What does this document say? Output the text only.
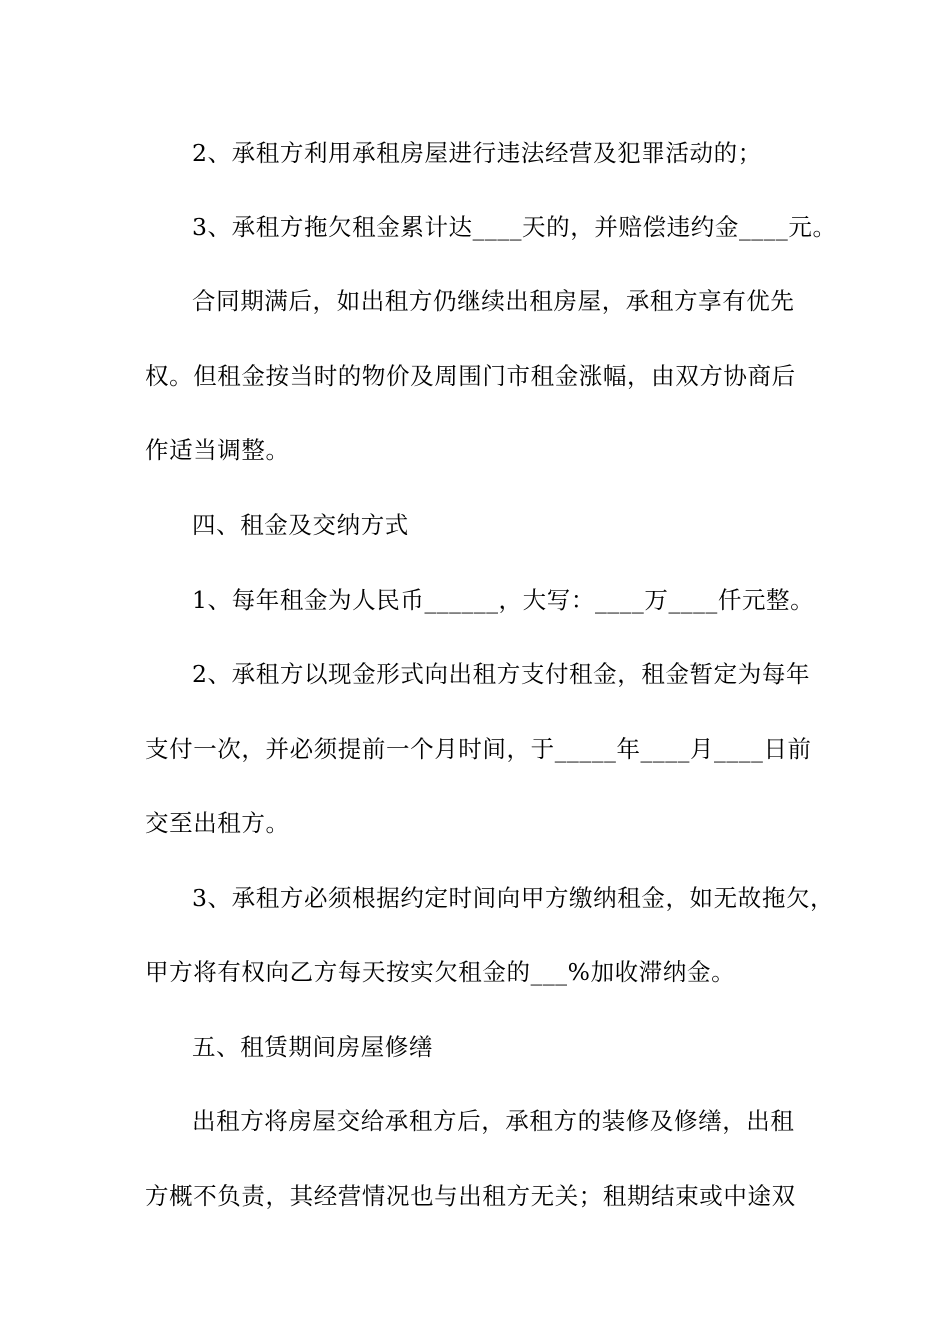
2、承租方利用承租房屋进行违法经营及犯罪活动的；
3、承租方拖欠租金累计达____天的，并赔偿违约金____元。
合同期满后，如出租方仍继续出租房屋，承租方享有优先
权。但租金按当时的物价及周围门市租金涨幅，由双方协商后
作适当调整。
四、租金及交纳方式
1、每年租金为人民币______，大写：____万____仟元整。
2、承租方以现金形式向出租方支付租金，租金暂定为每年
支付一次，并必须提前一个月时间，于_____年____月____日前
交至出租方。
3、承租方必须根据约定时间向甲方缴纳租金，如无故拖欠，
甲方将有权向乙方每天按实欠租金的___%加收滞纳金。
五、租赁期间房屋修缮
出租方将房屋交给承租方后，承租方的装修及修缮，出租
方概不负责，其经营情况也与出租方无关；租期结束或中途双
